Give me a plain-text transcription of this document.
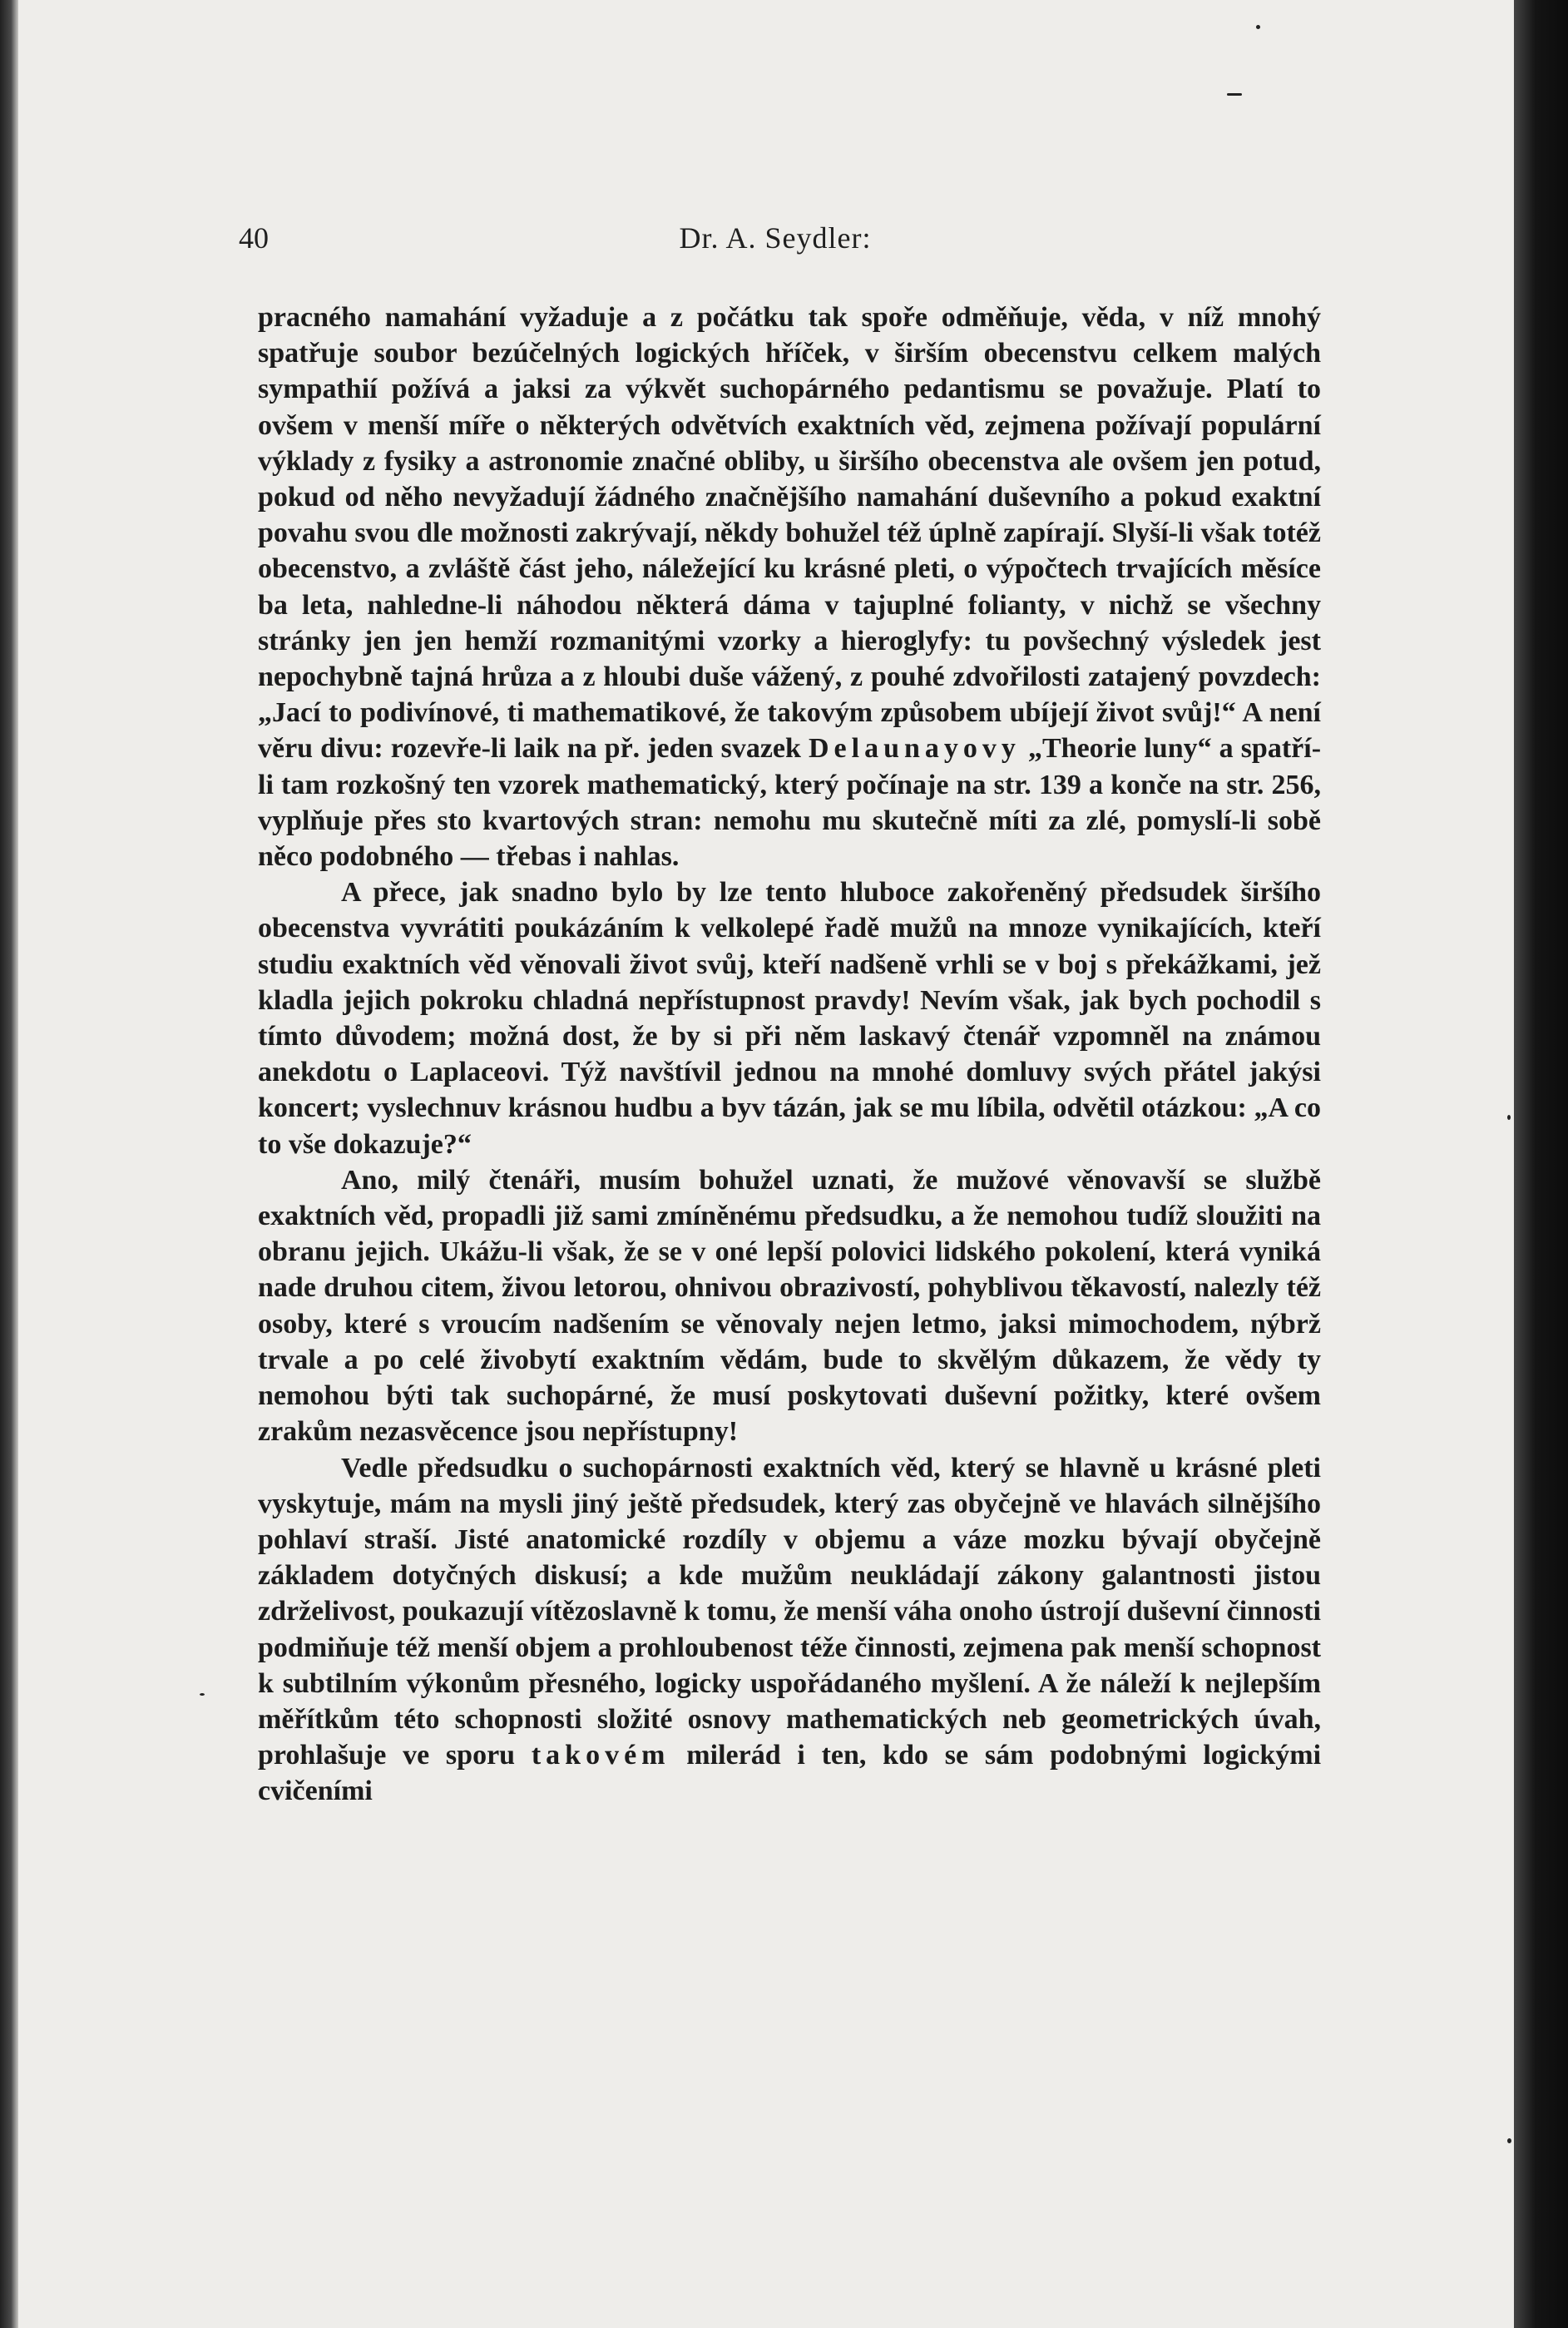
40	Dr. A. Seydler:

pracného namahání vyžaduje a z počátku tak spoře odměňuje, věda, v níž mnohý spatřuje soubor bezúčelných logických hříček, v širším obecenstvu celkem malých sympathií požívá a jaksi za výkvět suchopárného pedantismu se považuje. Platí to ovšem v menší míře o některých odvětvích exaktních věd, zejmena požívají populární výklady z fysiky a astronomie značné obliby, u širšího obecenstva ale ovšem jen potud, pokud od něho nevyžadují žádného značnějšího namahání duševního a pokud exaktní povahu svou dle možnosti zakrývají, někdy bohužel též úplně zapírají. Slyší-li však totéž obecenstvo, a zvláště část jeho, náležející ku krásné pleti, o výpočtech trvajících měsíce ba leta, nahledne-li náhodou některá dáma v tajuplné folianty, v nichž se všechny stránky jen jen hemží rozmanitými vzorky a hieroglyfy: tu povšechný výsledek jest nepochybně tajná hrůza a z hloubi duše vážený, z pouhé zdvořilosti zatajený povzdech: „Jací to podivínové, ti mathematikové, že takovým způsobem ubíjejí život svůj!“ A není věru divu: rozevře-li laik na př. jeden svazek Delaunayovy „Theorie luny“ a spatří-li tam rozkošný ten vzorek mathematický, který počínaje na str. 139 a konče na str. 256, vyplňuje přes sto kvartových stran: nemohu mu skutečně míti za zlé, pomyslí-li sobě něco podobného — třebas i nahlas.

A přece, jak snadno bylo by lze tento hluboce zakořeněný předsudek širšího obecenstva vyvrátiti poukázáním k velkolepé řadě mužů na mnoze vynikajících, kteří studiu exaktních věd věnovali život svůj, kteří nadšeně vrhli se v boj s překážkami, jež kladla jejich pokroku chladná nepřístupnost pravdy! Nevím však, jak bych pochodil s tímto důvodem; možná dost, že by si při něm laskavý čtenář vzpomněl na známou anekdotu o Laplaceovi. Týž navštívil jednou na mnohé domluvy svých přátel jakýsi koncert; vyslechnuv krásnou hudbu a byv tázán, jak se mu líbila, odvětil otázkou: „A co to vše dokazuje?“

Ano, milý čtenáři, musím bohužel uznati, že mužové věnovavší se službě exaktních věd, propadli již sami zmíněnému předsudku, a že nemohou tudíž sloužiti na obranu jejich. Ukážu-li však, že se v oné lepší polovici lidského pokolení, která vyniká nade druhou citem, živou letorou, ohnivou obrazivostí, pohyblivou těkavostí, nalezly též osoby, které s vroucím nadšením se věnovaly nejen letmo, jaksi mimochodem, nýbrž trvale a po celé živobytí exaktním vědám, bude to skvělým důkazem, že vědy ty nemohou býti tak suchopárné, že musí poskytovati duševní požitky, které ovšem zrakům nezasvěcence jsou nepřístupny!

Vedle předsudku o suchopárnosti exaktních věd, který se hlavně u krásné pleti vyskytuje, mám na mysli jiný ještě předsudek, který zas obyčejně ve hlavách silnějšího pohlaví straší. Jisté anatomické rozdíly v objemu a váze mozku bývají obyčejně základem dotyčných diskusí; a kde mužům neukládají zákony galantnosti jistou zdrželivost, poukazují vítězoslavně k tomu, že menší váha onoho ústrojí duševní činnosti podmiňuje též menší objem a prohloubenost téže činnosti, zejmena pak menší schopnost k subtilním výkonům přesného, logicky uspořádaného myšlení. A že náleží k nejlepším měřítkům této schopnosti složité osnovy mathematických neb geometrických úvah, prohlašuje ve sporu takovém milerád i ten, kdo se sám podobnými logickými cvičeními
